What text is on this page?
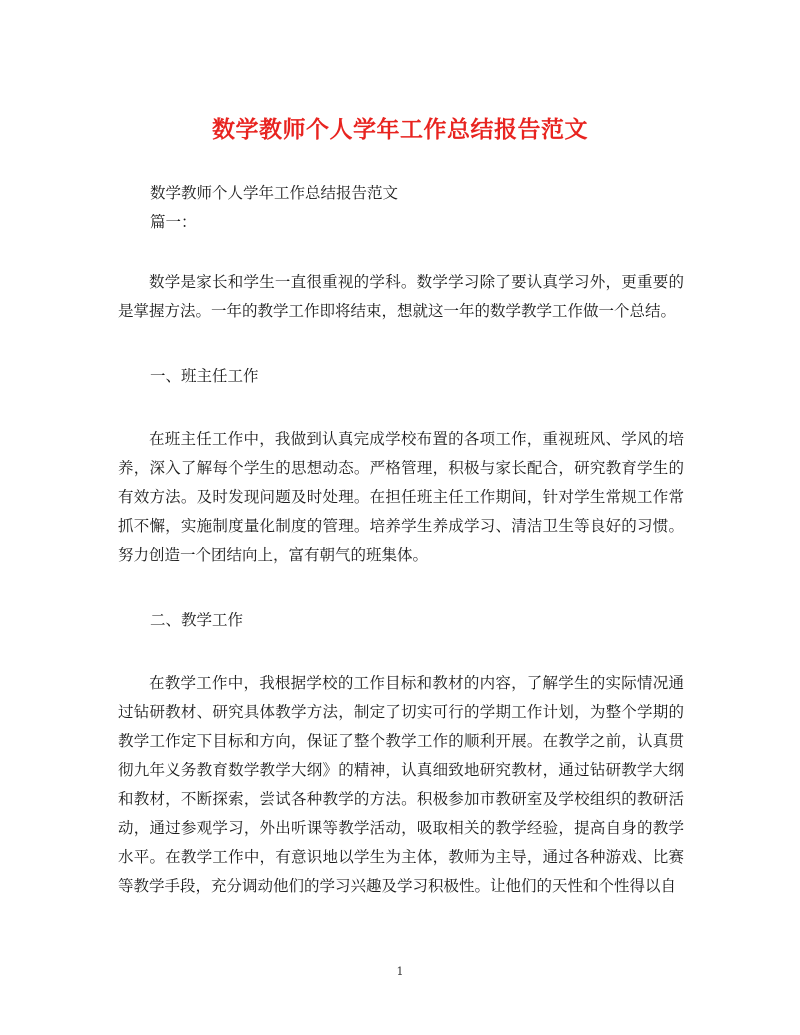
数学教师个人学年工作总结报告范文

数学教师个人学年工作总结报告范文

篇一：

数学是家长和学生一直很重视的学科。数学学习除了要认真学习外，更重要的是掌握方法。一年的教学工作即将结束，想就这一年的数学教学工作做一个总结。

一、班主任工作

在班主任工作中，我做到认真完成学校布置的各项工作，重视班风、学风的培养，深入了解每个学生的思想动态。严格管理，积极与家长配合，研究教育学生的有效方法。及时发现问题及时处理。在担任班主任工作期间，针对学生常规工作常抓不懈，实施制度量化制度的管理。培养学生养成学习、清洁卫生等良好的习惯。努力创造一个团结向上，富有朝气的班集体。

二、教学工作

在教学工作中，我根据学校的工作目标和教材的内容，了解学生的实际情况通过钻研教材、研究具体教学方法，制定了切实可行的学期工作计划，为整个学期的教学工作定下目标和方向，保证了整个教学工作的顺利开展。在教学之前，认真贯彻九年义务教育数学教学大纲》的精神，认真细致地研究教材，通过钻研教学大纲和教材，不断探索，尝试各种教学的方法。积极参加市教研室及学校组织的教研活动，通过参观学习，外出听课等教学活动，吸取相关的教学经验，提高自身的教学水平。在教学工作中，有意识地以学生为主体，教师为主导，通过各种游戏、比赛等教学手段，充分调动他们的学习兴趣及学习积极性。让他们的天性和个性得以自

1
